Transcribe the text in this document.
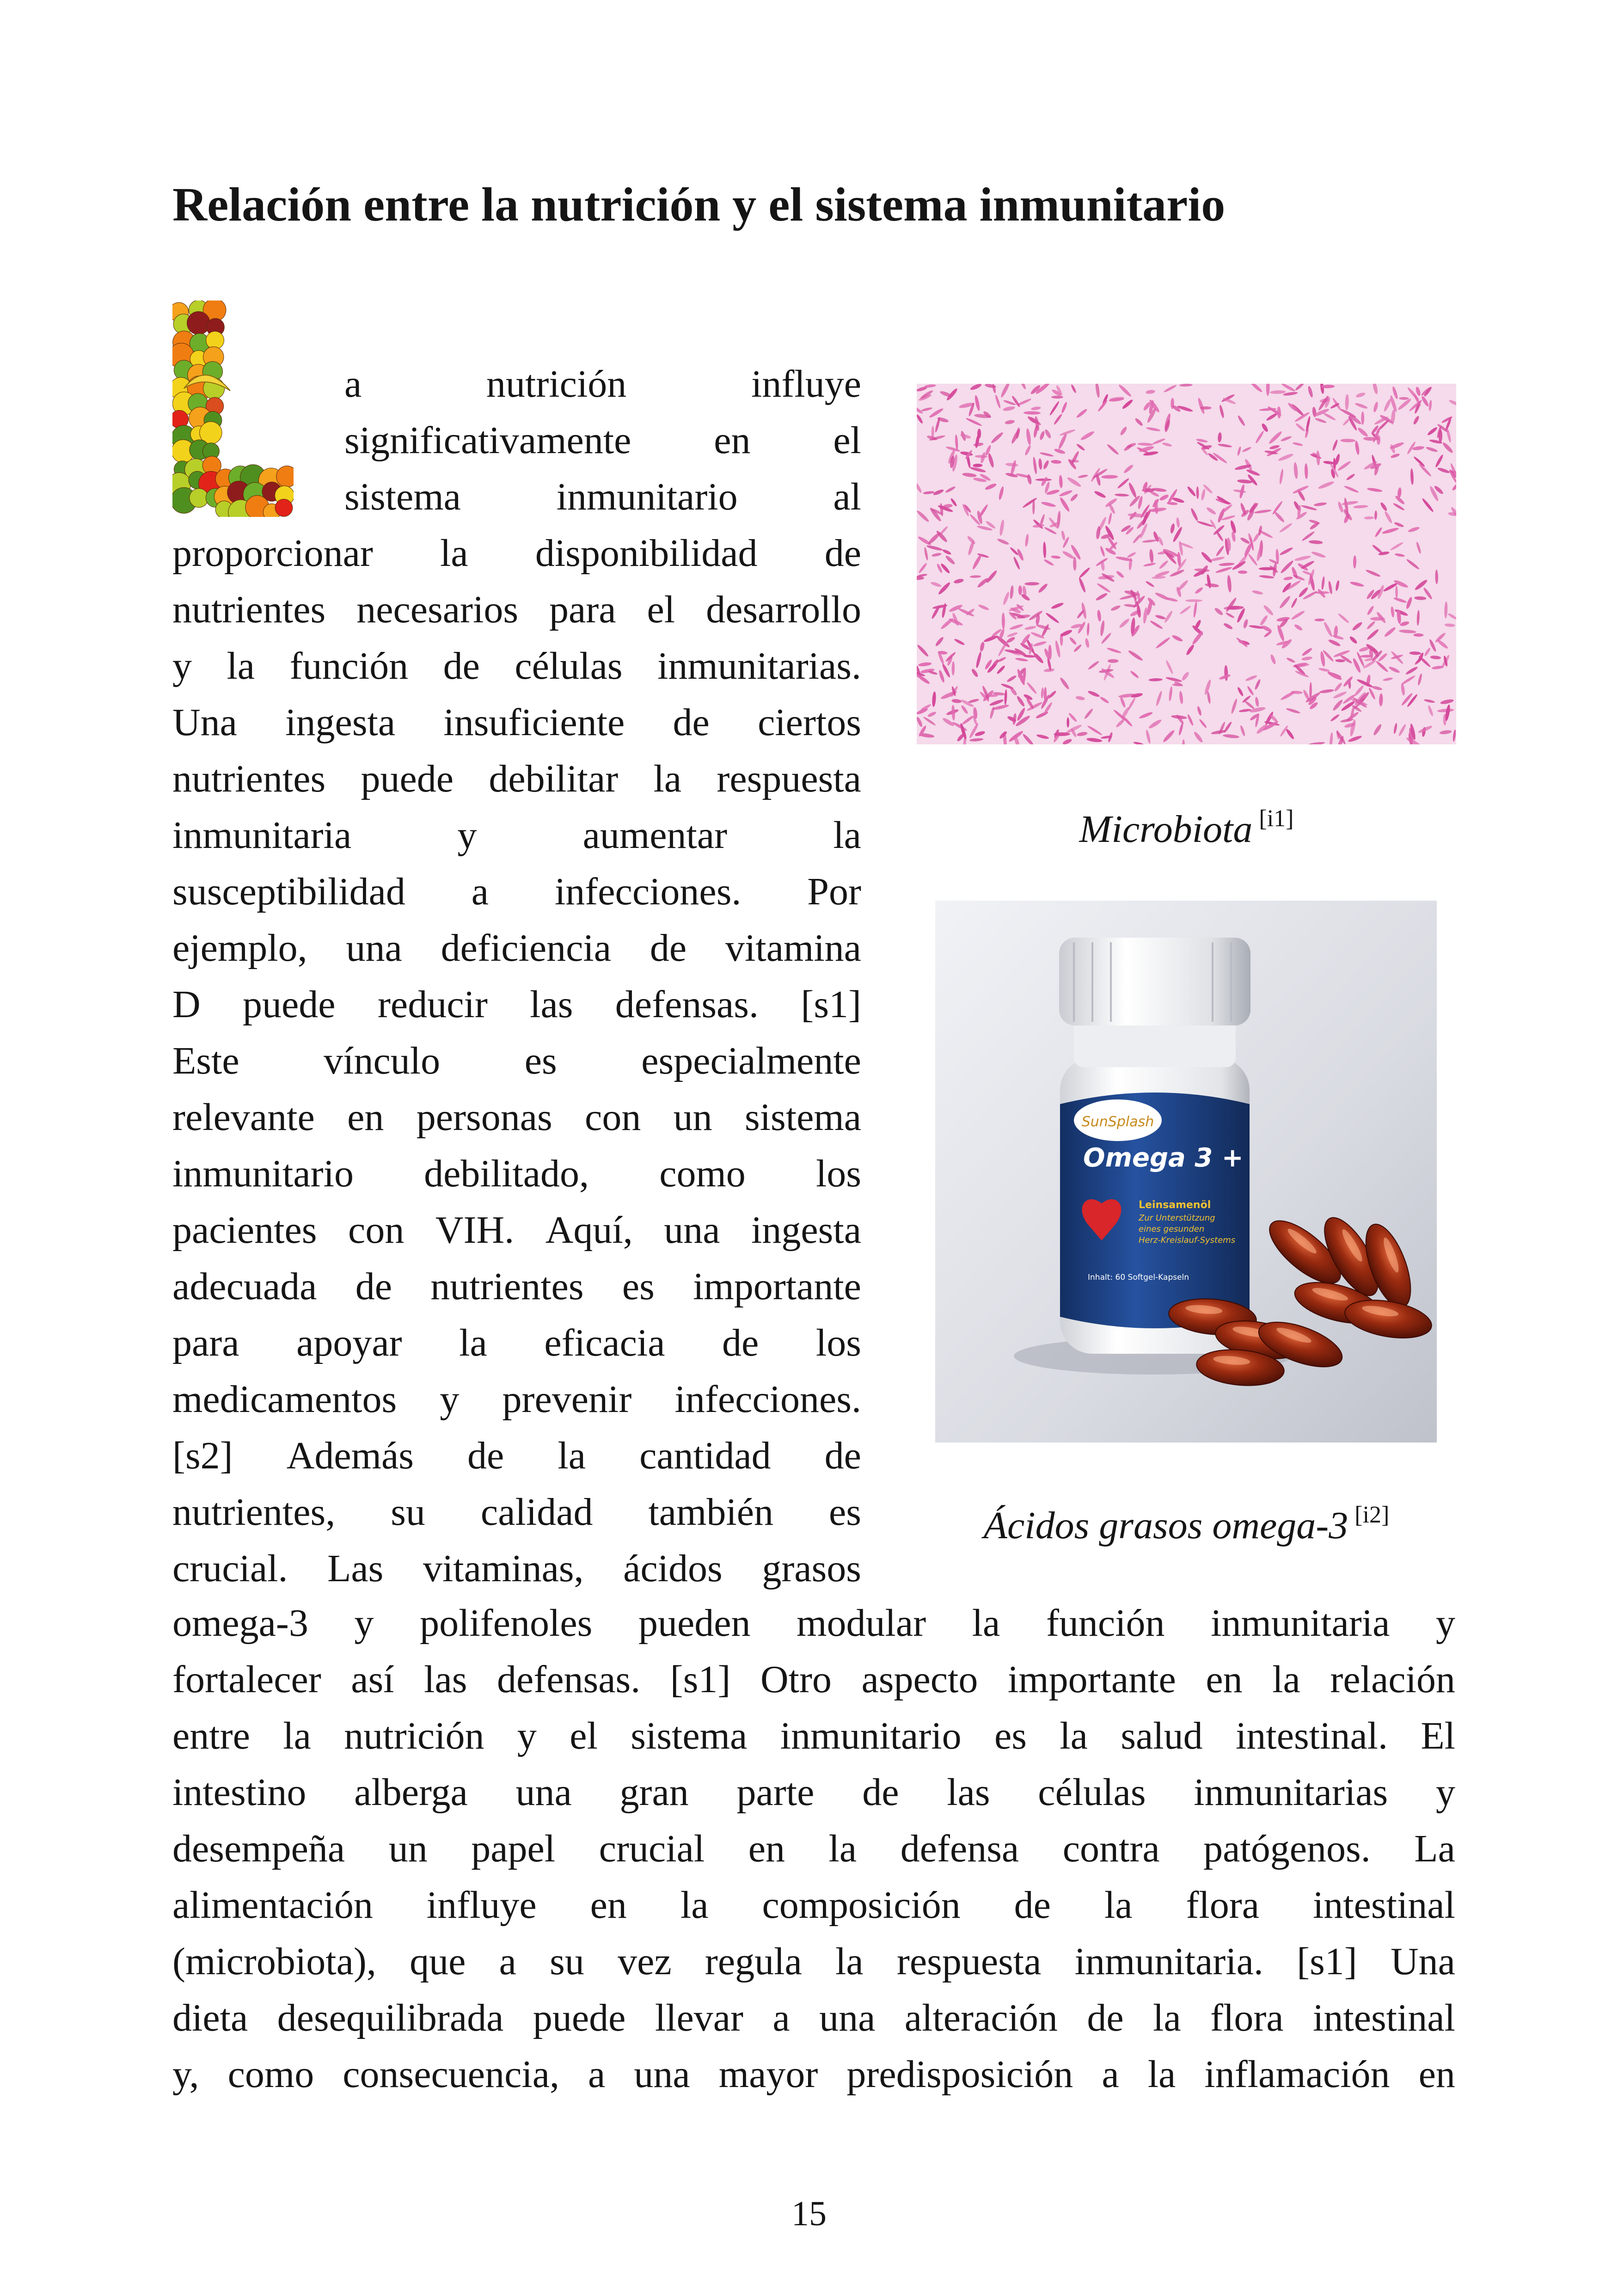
Relación entre la nutrición y el sistema inmunitario
L
a	nutrición	influye
significativamente en el
sistema inmunitario al
proporcionar la disponibilidad de
nutrientes necesarios para el desarrollo
y la función de células inmunitarias.
Una ingesta insuficiente de ciertos
nutrientes puede debilitar la respuesta
inmunitaria	y	aumentar	la
susceptibilidad a infecciones. Por
ejemplo, una deficiencia de vitamina
D puede reducir las defensas. [s1]
Este vínculo es especialmente
relevante en personas con un sistema
inmunitario debilitado, como los
pacientes con VIH. Aquí, una ingesta
adecuada de nutrientes es importante
para apoyar la eficacia de los
medicamentos y prevenir infecciones.
[s2] Además de la cantidad de
nutrientes, su calidad también es
crucial. Las vitaminas, ácidos grasos
omega-3 y polifenoles pueden modular la función inmunitaria y
fortalecer así las defensas. [s1] Otro aspecto importante en la relación
entre la nutrición y el sistema inmunitario es la salud intestinal. El
intestino alberga una gran parte de las células inmunitarias y
desempeña un papel crucial en la defensa contra patógenos. La
alimentación influye en la composición de la flora intestinal
(microbiota), que a su vez regula la respuesta inmunitaria. [s1] Una
dieta desequilibrada puede llevar a una alteración de la flora intestinal
y, como consecuencia, a una mayor predisposición a la inflamación en
Microbiota [i1]
SunSplash
Omega 3 +
Leinsamenöl
Zur Unterstützung
eines gesunden
Herz-Kreislauf-Systems
Inhalt: 60 Softgel-Kapseln
Ácidos grasos omega-3 [i2]
15
